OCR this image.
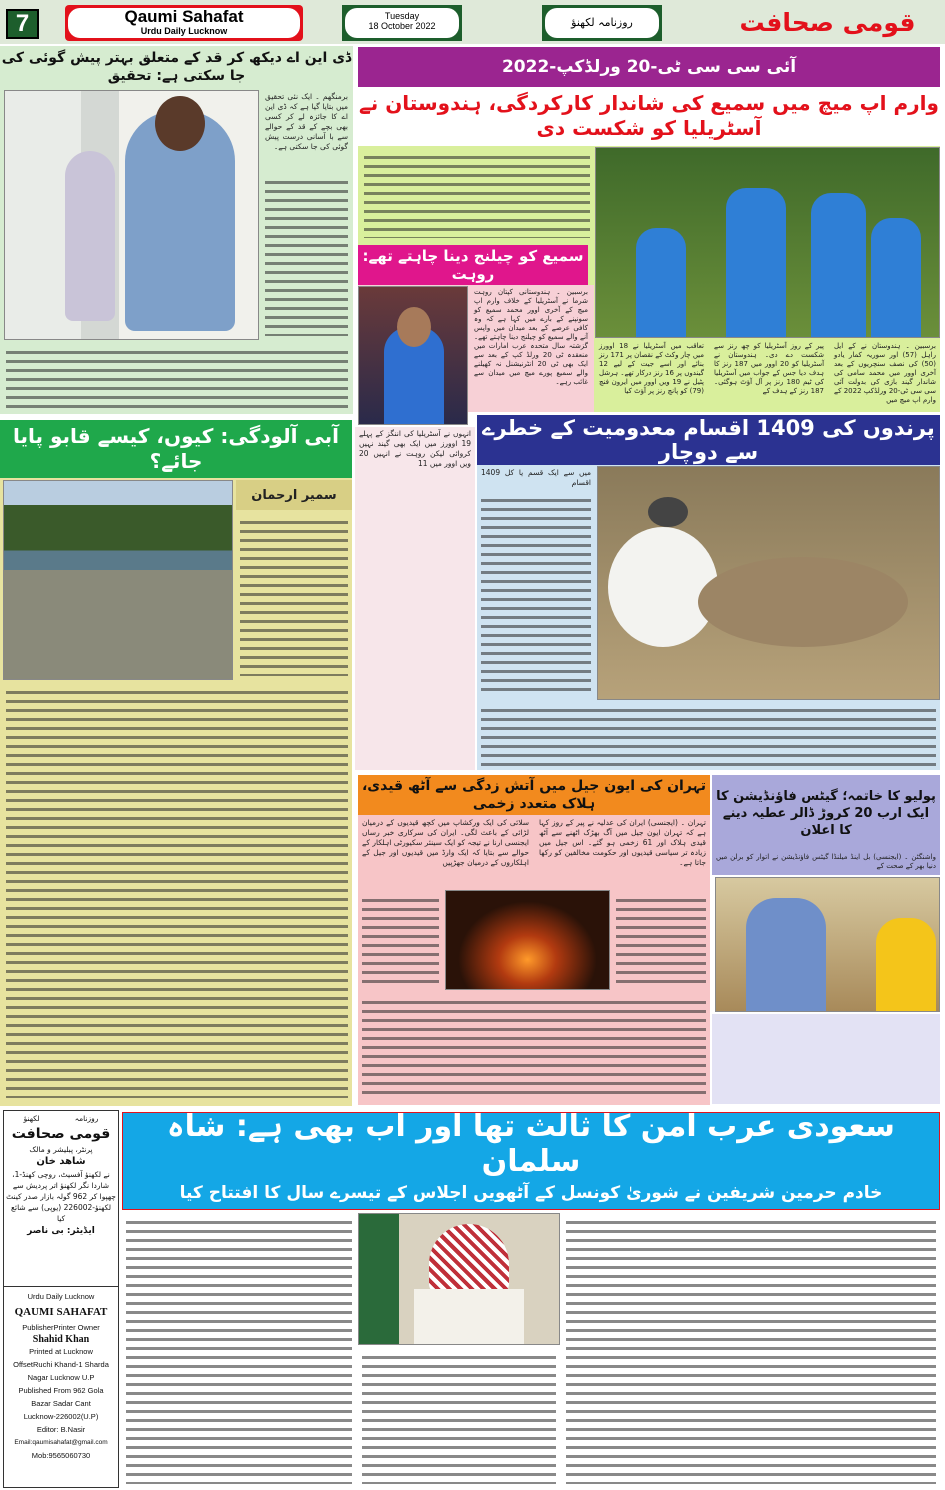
7	Qaumi Sahafat
Urdu Daily Lucknow
Tuesday
18 October 2022	روزنامہ لکھنؤ	قومی صحافت
ڈی این اے دیکھ کر قد کے متعلق بہتر پیش گوئی کی جا سکتی ہے: تحقیق
برمنگھم ۔ ایک نئی تحقیق میں بتایا گیا ہے کہ ڈی این اے کا جائزہ لے کر کسی بھی بچے کے قد کے حوالے سے با آسانی درست پیش گوئی کی جا سکتی ہے۔
آئی سی سی ٹی-20 ورلڈکپ-2022
وارم اپ میچ میں سمیع کی شاندار کارکردگی، ہندوستان نے آسٹریلیا کو شکست دی
برسبین ۔ ہندوستان نے کے ایل راہل (57) اور سوریہ کمار یادو (50) کی نصف سنچریوں کے بعد آخری اوور میں محمد سامی کی شاندار گیند بازی کی بدولت آئی سی سی ٹی-20 ورلڈکپ 2022 کے وارم اپ میچ میں
پیر کے روز آسٹریلیا کو چھ رنز سے شکست دے دی۔ ہندوستان نے آسٹریلیا کو 20 اوور میں 187 رنز کا ہدف دیا جس کے جواب میں آسٹریلیا کی ٹیم 180 رنز پر آل آؤٹ ہوگئی۔ 187 رنز کے ہدف کے
تعاقب میں آسٹریلیا نے 18 اوورز میں چار وکٹ کے نقصان پر 171 رنز بنائے اور اسے جیت کے لیے 12 گیندوں پر 16 رنز درکار تھے۔ ہرشل پٹیل نے 19 ویں اوور میں ایرون فنچ (79) کو پانچ رنز پر آؤٹ کیا
سمیع کو چیلنج دینا چاہتے تھے: روہت
برسبین ۔ ہندوستانی کپتان روہت شرما نے آسٹریلیا کے خلاف وارم اپ میچ کے آخری اوور محمد سمیع کو سونپنے کے بارے میں کہا ہے کہ وہ کافی عرصے کے بعد میدان میں واپس آنے والے سمیع کو چیلنج دینا چاہتے تھے۔ گزشتہ سال متحدہ عرب امارات میں منعقدہ ٹی 20 ورلڈ کپ کے بعد سے ایک بھی ٹی 20 انٹرنیشنل نہ کھیلنے والے سمیع پورے میچ میں میدان سے غائب رہے۔
انہوں نے آسٹریلیا کی اننگز کے پہلے 19 اوورز میں ایک بھی گیند نہیں کروائی لیکن روہت نے انہیں 20 ویں اوور میں 11
پرندوں کی 1409 اقسام معدومیت کے خطرے سے دوچار
میں سے ایک قسم یا کل 1409 اقسام
آبی آلودگی: کیوں، کیسے قابو پایا جائے؟
سمیر ارحمان
تہران کی ایون جیل میں آتش زدگی سے آٹھ قیدی، ہلاک متعدد زخمی
تہران ۔ (ایجنسی) ایران کی عدلیہ نے پیر کے روز کہا ہے کہ تہران ایون جیل میں آگ بھڑک اٹھنے سے آٹھ قیدی ہلاک اور 61 زخمی ہو گئے۔ اس جیل میں زیادہ تر سیاسی قیدیوں اور حکومت مخالفین کو رکھا جاتا ہے۔
سلائی کی ایک ورکشاپ میں کچھ قیدیوں کے درمیان لڑائی کے باعث لگی۔ ایران کی سرکاری خبر رساں ایجنسی ارنا نے تیجہ کو ایک سینئر سکیورٹی اہلکار کے حوالے سے بتایا کہ ایک وارڈ میں قیدیوں اور جیل کے اہلکاروں کے درمیان جھڑپیں
پولیو کا خاتمہ؛ گیٹس فاؤنڈیشن کا ایک ارب 20 کروڑ ڈالر عطیہ دینے کا اعلان
واشنگٹن ۔ (ایجنسی) بل اینڈ میلنڈا گیٹس فاؤنڈیشن نے اتوار کو برلن میں دنیا بھر کے صحت کے
روزنامہ
لکھنؤ
قومی صحافت
پرنٹر، پبلیشر و مالک
شاھد خان
نے لکھنؤ آفسیٹ، روچی کھنڈ-1، شاردا نگر لکھنؤ اتر پردیش سے چھپوا کر 962 گولہ بازار صدر کینٹ لکھنؤ-226002 (یوپی) سے شائع کیا
ایڈیٹر: بی ناصر
Urdu Daily Lucknow
QAUMI SAHAFAT
PublisherPrinter Owner
Shahid Khan
Printed at Lucknow
OffsetRuchi Khand-1 Sharda
Nagar Lucknow U.P
Published From 962 Gola
Bazar Sadar Cant
Lucknow-226002(U.P)
Editor: B.Nasir
Email:qaumisahafat@gmail.com
Mob:9565060730
سعودی عرب امن کا ثالث تھا اور اب بھی ہے: شاہ سلمان
خادم حرمین شریفین نے شوریٰ کونسل کے آٹھویں اجلاس کے تیسرے سال کا افتتاح کیا
